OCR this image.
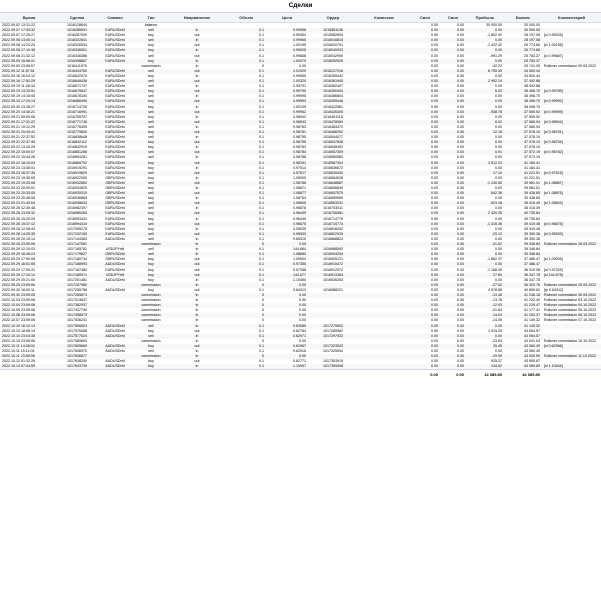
Сделки
Время	Сделка	Символ	Тип	Направление	Объем	Цена	Ордер	Комиссия	Своп	Своп	Прибыль	Баланс	Комментарий
2022.09.02 13:31:22	1016128644		balance						0.00	0.00	30 000.00	30 000.00	
2022.09.07 17:03:32	1016285531	EURUSDrfd	sell	in	0.1	0.99058	1015981196		0.00	0.00	0.00	30 000.00	
2022.09.07 17:25:27	1016287000	EURUSDrfd	buy	out	0.1	0.99353	1015982694		0.00	0.00	-1 802.92	28 197.08	[sl 0.99326]
2022.09.08 13:00:14	1016322841	EURUSDrfd	sell	in	0.1	0.99965	1016016815		0.00	0.00	0.00	28 197.08	
2022.09.08 14:24:23	1016326534	EURUSDrfd	buy	out	0.1	1.00199	1016020791		0.00	0.00	-1 422.42	26 774.66	[sl 1.00198]
2022.09.08 17:10:36	1016336501	EURUSDrfd	buy	in	0.1	0.99925	1016040933		0.00	0.00	0.00	26 774.66	
2022.09.08 21:32:12	1016346386	EURUSDrfd	sell	out	0.1	0.99668	1016042990		0.00	0.00	-991.29	25 783.37	[sl 0.99687]
2022.09.09 15:56:01	1016398867	EURUSDrfd	buy	in	0.1	1.00475	1016092925		0.00	0.00	0.00	25 783.37	
2022.09.09 23:59:07	1016411975		commission	in	0	0.00			0.00	0.00	-42.22	25 741.05	Rollover commission 09.09.2022
2022.09.12 11:57:51	1016443760	EURUSDrfd	sell	out	0.1	1.01929	1016127316		0.00	0.00	8 759.39	34 500.44	
2022.09.16 16:04:12	1016642070	EURUSDrfd	buy	in	0.1	0.99555	1016355442		0.00	0.00	0.00	34 500.44	
2022.09.16 17:52:29	1016648436	EURUSDrfd	sell	out	0.1	1.00320	1016361945		0.00	0.00	2 992.24	37 492.68	
2022.09.19 11:28:44	1016671737	EURUSDrfd	sell	in	0.1	0.99791	1016382407		0.00	0.00	0.00	38 492.68	
2022.09.19 13:33:51	1016679847	EURUSDrfd	buy	out	0.1	0.99790	1016390404		0.00	0.00	6.02	38 498.70	[sl 0.99789]
2022.09.19 14:16:05	1016678100	EURUSDrfd	sell	in	0.1	0.99995	1016386804		0.00	0.00	0.00	38 498.70	
2022.09.19 17:24:13	1016686490	EURUSDrfd	buy	out	0.1	0.99993	1016395446		0.00	0.00	0.00	38 498.70	[sl 0.99992]
2022.09.20 13:28:27	1016714725	EURUSDrfd	buy	in	0.1	1.00109	1016422881		0.00	0.00	0.00	38 498.70	
2022.09.20 14:40:21	1016716991	EURUSDrfd	sell	out	0.1	0.99952	1016426305		0.00	0.00	-938.78	37 559.92	[sl 0.99959]
2022.09.21 09:59:08	1016755757	EURUSDrfd	buy	in	0.1	0.98942	1016461118		0.00	0.00	0.00	37 559.92	
2022.09.21 17:31:22	1016771745	EURUSDrfd	sell	out	0.1	0.98943	1016478060		0.00	0.00	6.02	37 565.94	[sl 0.98944]
2022.09.21 19:12:29	1016776309	EURUSDrfd	sell	in	0.1	0.98763	1016483472		0.00	0.00	0.00	37 565.94	
2022.09.21 20:44:41	1016779800	EURUSDrfd	buy	out	0.1	0.98761	1016486292		0.00	0.00	12.16	37 578.10	[sl 0.98761]
2022.09.21 22:37:52	1016838648	EURUSDrfd	sell	in	0.1	0.98755	1016544077		0.00	0.00	0.00	37 578.10	
2022.09.21 22:37:45	1016842112	EURUSDrfd	buy	out	0.1	0.98755	1016547638		0.00	0.00	0.00	37 578.10	[sl 0.98754]
2022.09.22 13:43:25	1016842919	EURUSDrfd	buy	in	0.1	0.98783	1016548492		0.00	0.00	0.00	37 578.10	
2022.09.22 15:00:07	1016851286	EURUSDrfd	sell	out	0.1	0.98784	1016557309		0.00	0.00	5.91	37 572.19	[sl 0.98782]
2022.09.22 15:44:28	1016854281	EURUSDrfd	sell	in	0.1	0.98788	1016560582		0.00	0.00	0.00	37 572.19	
2022.09.22 18:10:03	1016865792	EURUSDrfd	buy	out	0.1	0.98191	1016587404		0.00	0.00	3 512.22	41 184.41	
2022.09.23 13:38:01	1016919291	EURUSDrfd	buy	in	0.1	0.97514	1016636672		0.00	0.00	0.00	41 184.41	
2022.09.23 16:37:35	1016919829	EURUSDrfd	sell	out	0.1	0.97517	1016639430		0.00	0.00	17.10	41 221.51	[sl 0.97515]
2022.09.23 19:30:08	1016922050	GBPUSDrfd	buy	in	0.1	1.09000	1016654028		0.00	0.00	0.00	41 221.51	
2022.09.23 19:33:08	1016932664	GBPUSDrfd	sell	out	0.1	1.08786	1016648887		0.00	0.00	-1 240.50	39 981.01	[sl 1.08887]
2022.09.23 20:00:01	1016934520	GBPUSDrfd	buy	in	0.1	1.08871	1016656649		0.00	0.00	0.00	39 981.01	
2022.09.23 20:33:05	1016935315	GBPUSDrfd	sell	out	0.1	1.08877	1016657575		0.00	0.00	-542.36	39 438.65	[sl 1.08876]
2022.09.23 20:46:06	1016936863	GBPUSDrfd	buy	in	0.1	1.08764	1016659069		0.00	0.00	0.00	39 438.65	
2022.09.23 21:43:04	1016938633	GBPUSDrfd	sell	out	0.1	1.08605	1016663031		0.00	0.00	-923.16	38 415.49	[sl 1.08604]
2022.09.26 12:30:48	1016982397	EURUSDrfd	sell	in	0.1	0.96876	1016703011		0.00	0.00	0.00	38 415.49	
2022.09.26 13:05:32	1016985283	EURUSDrfd	buy	out	0.1	0.96449	1016706081		0.00	0.00	2 320.35	40 735.84	
2022.09.26 15:20:00	1016993441	EURUSDrfd	buy	in	0.1	0.96449	1016714776		0.00	0.00	0.00	40 735.84	
2022.09.26 15:37:12	1016994415	EURUSDrfd	sell	out	0.1	0.96675	1016715774		0.00	0.00	-1 316.36	39 419.48	[sl 0.96675]
2022.09.28 12:08:43	1017095275	EURUSDrfd	buy	in	0.1	0.95539	1016816442		0.00	0.00	0.00	39 419.48	
2022.09.28 14:05:35	1017102150	EURUSDrfd	sell	out	0.1	0.95533	1016822925		0.00	0.00	-29.12	39 390.36	[sl 0.95539]
2022.09.28 20:15:14	1017144363	AUDUSDrfd	sell	in	0.1	0.65310	1016868824		0.00	0.00	0.00	39 390.36	
2022.09.28 23:59:06	1017147581		commission	in	0	0.00			0.00	0.00	-41.52	39 348.84	Rollover commission 28.09.2022
2022.09.29 12:10:03	1017165781	USDJPYrfd	sell	in	0.1	144.684	1016888592		0.00	0.00	0.00	39 348.84	
2022.09.29 16:45:24	1017179827	GBPUSDrfd	sell	in	0.1	1.08680	1016904254		0.00	0.00	0.00	39 348.84	
2022.09.29 17:50:08	1017180744	GBPUSDrfd	buy	out	0.1	1.09003	1016905121		0.00	0.00	-1 862.37	37 486.47	[sl 1.09006]
2022.09.29 16:51:55	1017188993	AUDUSDrfd	buy	out	0.1	0.97355	1016910472		0.00	0.00	0.00	37 486.47	
2022.09.29 17:05:31	1017187480	EURUSDrfd	buy	out	0.1	0.97358	1016912972		0.00	0.00	-1 166.49	36 319.98	[sl 0.97329]
2022.09.29 17:20:12	1017189971	USDJPYrfd	buy	out	0.1	144.677	1016913384		0.00	0.00	27.80	36 347.78	[sl 144.678]
2022.09.29 20:21:00	1017201481	AUDUSDrfd	buy	in	0.1	1.10450	1016926353		0.00	0.00	0.00	36 347.78	
2022.09.29 23:59:06	1017207980		commission	in	0	0.00			0.00	0.00	-27.02	36 320.76	Rollover commission 29.09.2022
2022.09.30 16:00:11	1017255758	AUDUSDrfd	buy	out	0.1	0.64313	1016988221		0.00	0.00	4 578.86	40 899.62	[tp 0.64312]
2022.09.30 23:59:05	1017265873		commission	in	0	0.00			0.00	0.00	-13.46	41 246.18	Rollover commission 30.09.2022
2022.10.03 23:59:08	1017313637		commission	in	0	0.00			0.00	0.00	-13.78	41 232.40	Rollover commission 03.10.2022
2022.10.04 23:59:08	1017382937		commission	in	0	0.00			0.00	0.00	-12.93	41 219.47	Rollover commission 04.10.2022
2022.10.05 23:59:06	1017437799		commission	in	0	0.00			0.00	0.00	-41.64	41 177.41	Rollover commission 05.10.2022
2022.10.06 23:59:06	1017498573		commission	in	0	0.00			0.00	0.00	-14.04	41 163.37	Rollover commission 06.10.2022
2022.10.07 23:59:06	1017536241		commission	in	0	0.00			0.00	0.00	-14.05	41 149.32	Rollover commission 07.10.2022
2022.10.10 16:12:13	1017596903	AUDUSDrfd	sell	in	0.1	0.63089	1017275902		0.00	0.00	0.00	41 149.32	
2022.10.10 18:06:14	1017576086	AUDUSDrfd	buy	out	0.1	0.62784	1017289962		0.00	0.00	1 915.25	43 064.57	
2022.10.10 23:03:35	1017577524	AUDUSDrfd	sell	in	0.1	0.62971	1017297922		0.00	0.00	0.00	43 064.57	
2022.10.10 23:59:06	1017589653		commission	in	0	0.00			0.00	0.00	-23.53	43 041.04	Rollover commission 10.10.2022
2022.10.11 14:38:00	1017605669	AUDUSDrfd	buy	out	0.1	0.62967	1017323532		0.00	0.00	25.45	43 060.49	[sl 0.62966]
2022.10.11 15:11:04	1017606970	AUDUSDrfd	sell	in	0.1	0.62916	1017325054		0.00	0.00	0.00	43 060.49	
2022.10.11 23:59:06	1017636877		commission	in	0	0.00			0.00	0.00	-29.99	43 030.50	Rollover commission 11.10.2022
2022.10.12 01:32:26	1017638290	AUDUSDrfd	buy	out	0.1	0.62771	1017353915		0.00	0.00	925.37	43 955.87	
2022.10.13 07:04:59	1017643735	AUDUSDrfd	buy	in	0.1	1.10057	1017359408		0.00	0.00	134.02	44 089.89	[sl 1.10444]
									0.00	0.00	14 089.89	44 089.89	
